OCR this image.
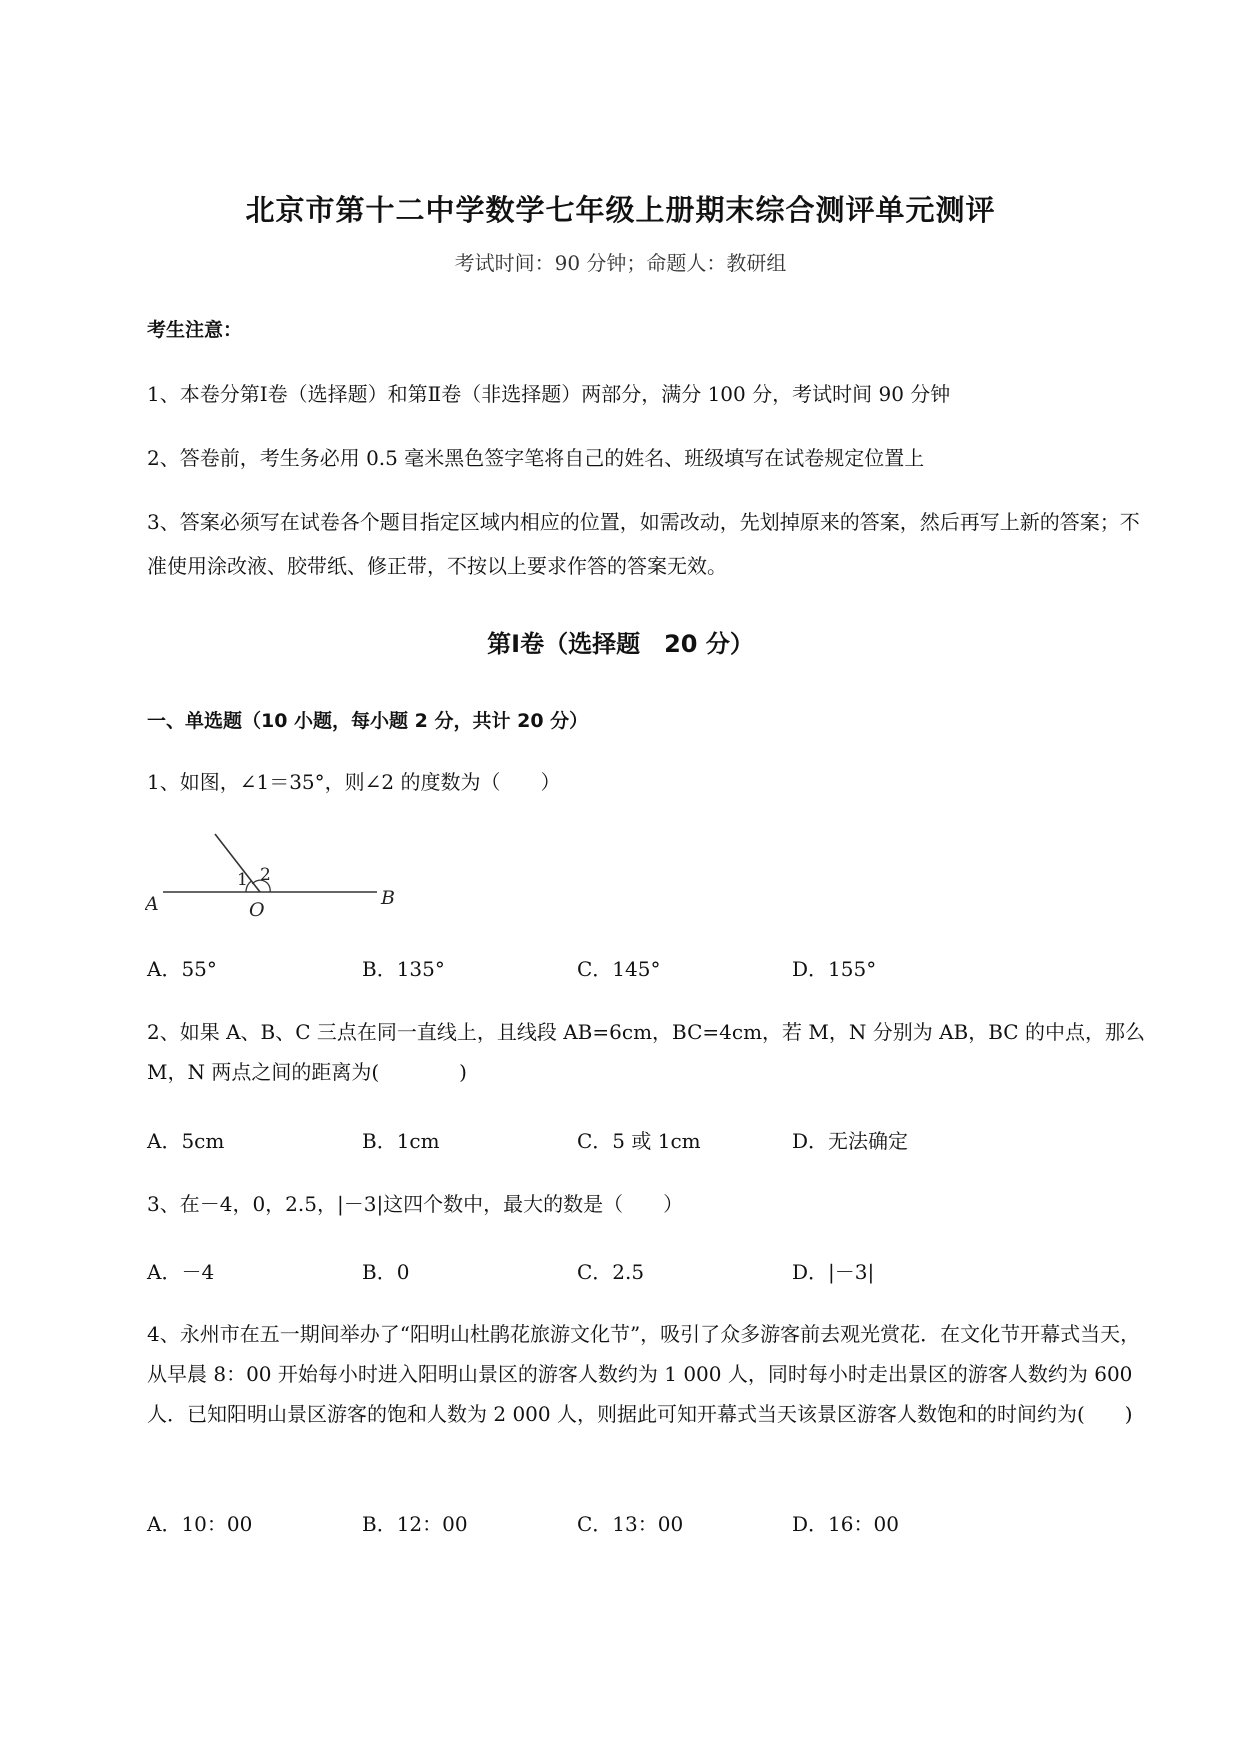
北京市第十二中学数学七年级上册期末综合测评单元测评
考试时间：90 分钟；命题人：教研组
考生注意：
1、本卷分第Ⅰ卷（选择题）和第Ⅱ卷（非选择题）两部分，满分 100 分，考试时间 90 分钟
2、答卷前，考生务必用 0.5 毫米黑色签字笔将自己的姓名、班级填写在试卷规定位置上
3、答案必须写在试卷各个题目指定区域内相应的位置，如需改动，先划掉原来的答案，然后再写上新的答案；不准使用涂改液、胶带纸、修正带，不按以上要求作答的答案无效。
第Ⅰ卷（选择题　20 分）
一、单选题（10 小题，每小题 2 分，共计 20 分）
1、如图，∠1＝35°，则∠2 的度数为（　　）
A	O
B
1 2
A．55°	B．135°	C．145°	D．155°
2、如果 A、B、C 三点在同一直线上，且线段 AB=6cm，BC=4cm，若 M，N 分别为 AB，BC 的中点，那么 M，N 两点之间的距离为(　　　　)
A．5cm	B．1cm	C．5 或 1cm	D．无法确定
3、在－4，0，2.5，|－3|这四个数中，最大的数是（　　）
A．－4	B．0	C．2.5	D．|－3|
4、永州市在五一期间举办了“阳明山杜鹃花旅游文化节”，吸引了众多游客前去观光赏花．在文化节开幕式当天，从早晨 8：00 开始每小时进入阳明山景区的游客人数约为 1 000 人，同时每小时走出景区的游客人数约为 600 人．已知阳明山景区游客的饱和人数为 2 000 人，则据此可知开幕式当天该景区游客人数饱和的时间约为(　　)
A．10：00	B．12：00	C．13：00	D．16：00
